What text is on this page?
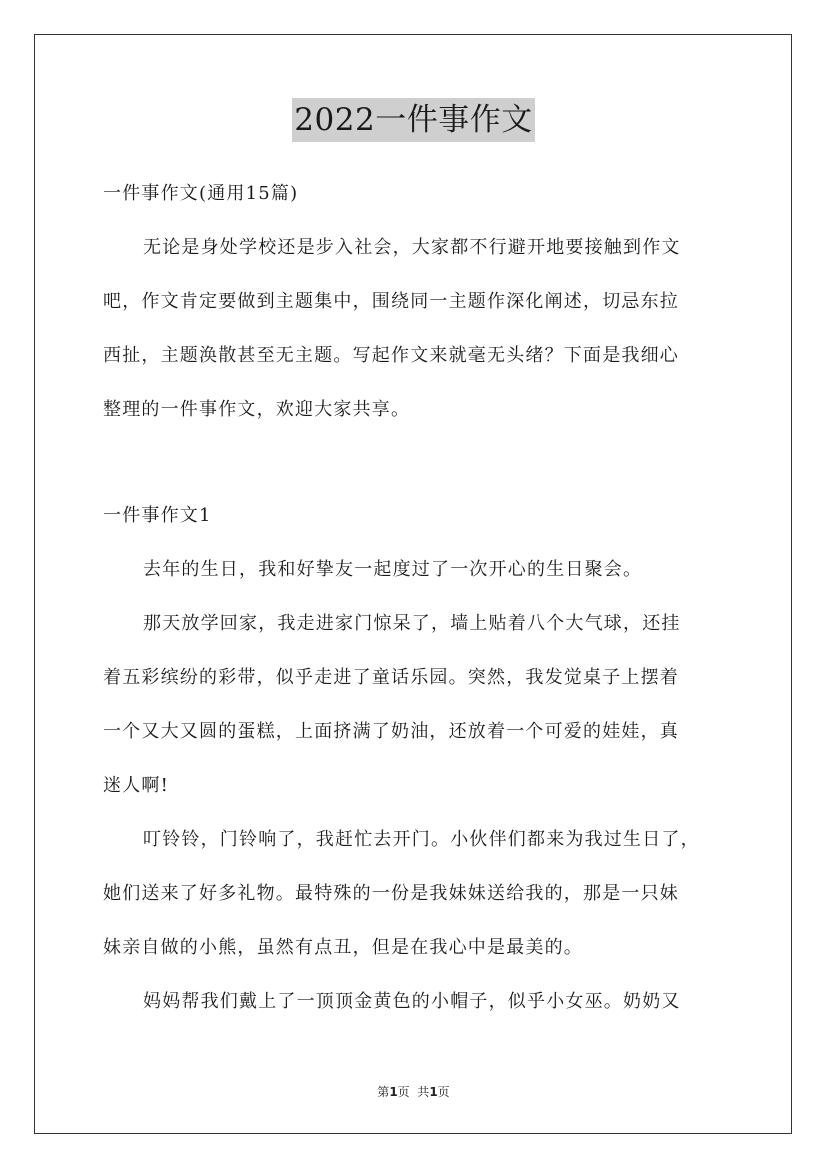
2022一件事作文
一件事作文(通用15篇)
无论是身处学校还是步入社会，大家都不行避开地要接触到作文
吧，作文肯定要做到主题集中，围绕同一主题作深化阐述，切忌东拉
西扯，主题涣散甚至无主题。写起作文来就毫无头绪？下面是我细心
整理的一件事作文，欢迎大家共享。
一件事作文1
去年的生日，我和好挚友一起度过了一次开心的生日聚会。
那天放学回家，我走进家门惊呆了，墙上贴着八个大气球，还挂
着五彩缤纷的彩带，似乎走进了童话乐园。突然，我发觉桌子上摆着
一个又大又圆的蛋糕，上面挤满了奶油，还放着一个可爱的娃娃，真
迷人啊!
叮铃铃，门铃响了，我赶忙去开门。小伙伴们都来为我过生日了，
她们送来了好多礼物。最特殊的一份是我妹妹送给我的，那是一只妹
妹亲自做的小熊，虽然有点丑，但是在我心中是最美的。
妈妈帮我们戴上了一顶顶金黄色的小帽子，似乎小女巫。奶奶又
第1页  共1页
